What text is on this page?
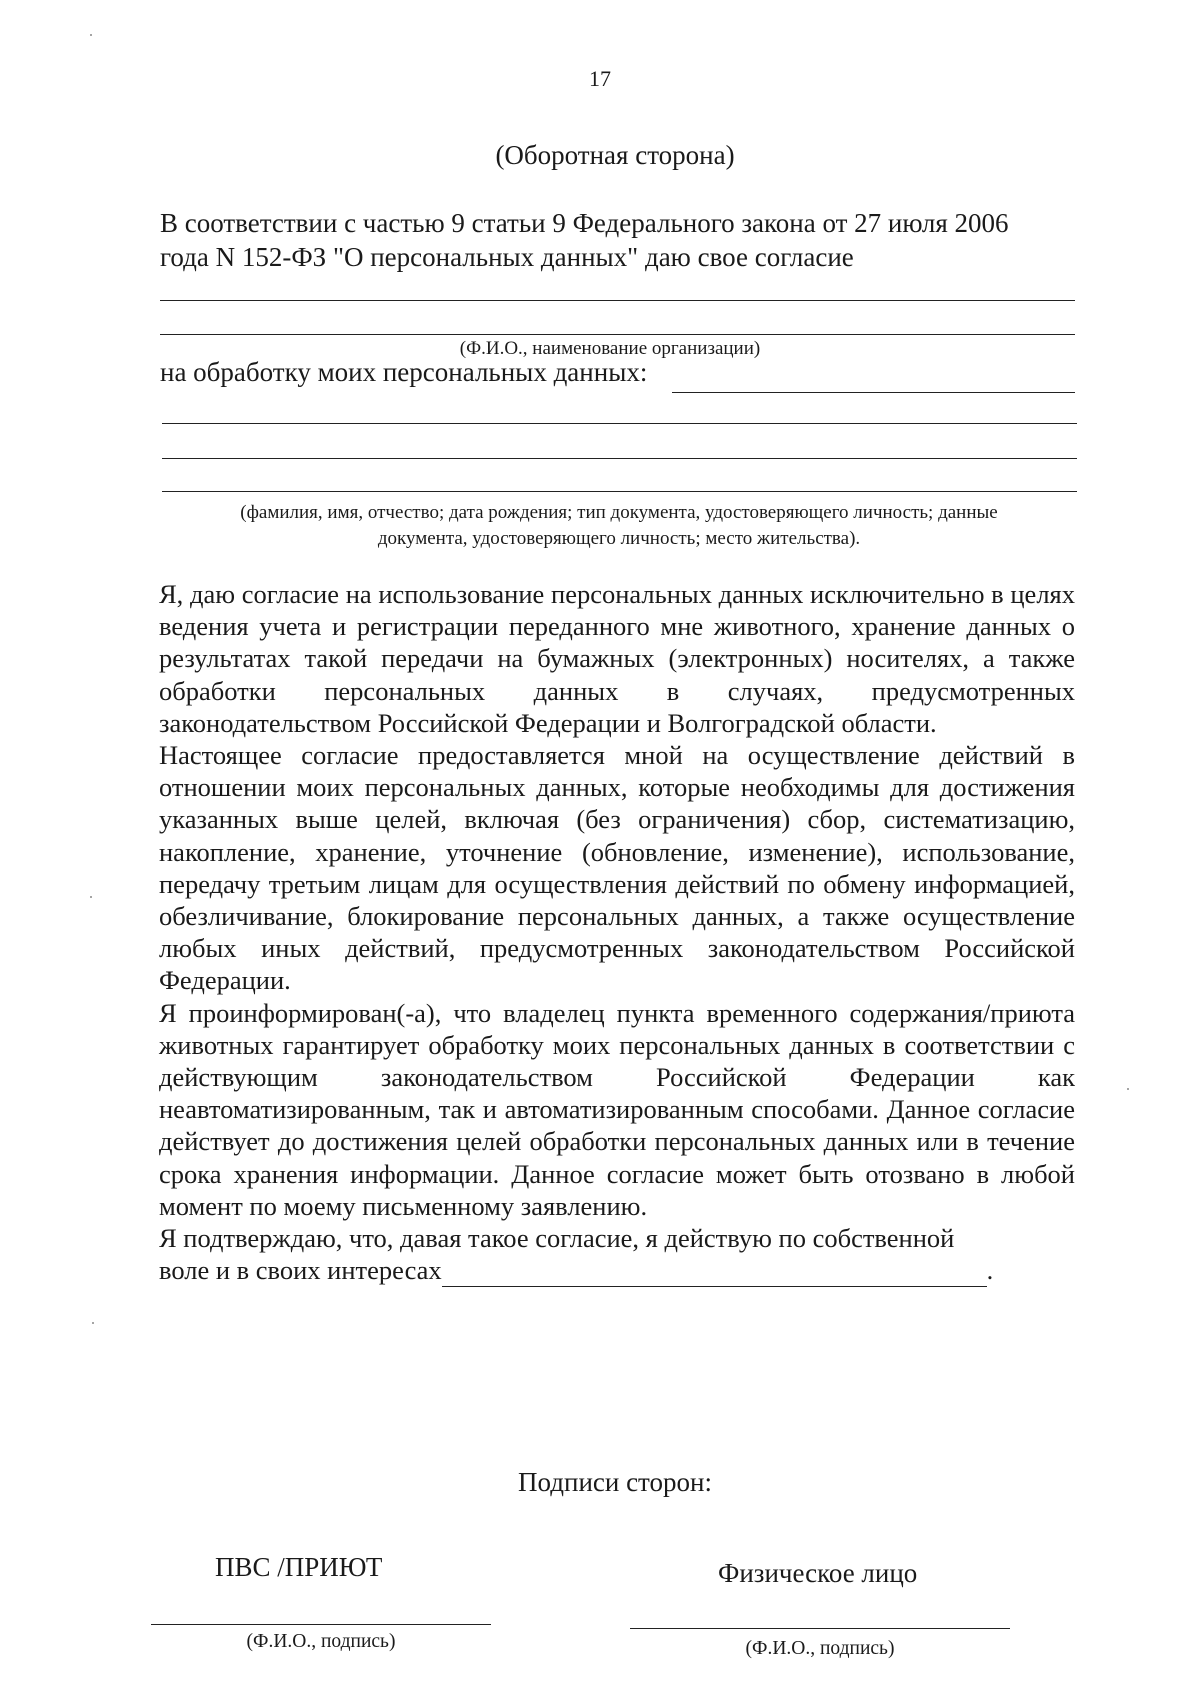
17
(Оборотная сторона)
В соответствии с частью 9 статьи 9 Федерального закона от 27 июля 2006
года N 152-ФЗ "О персональных данных" даю свое согласие
(Ф.И.О., наименование организации)
на обработку моих персональных данных:
(фамилия, имя, отчество; дата рождения; тип документа, удостоверяющего личность; данные
документа, удостоверяющего личность; место жительства).

Я, даю согласие на использование персональных данных исключительно в целях ведения учета и регистрации переданного мне животного, хранение данных о результатах такой передачи на бумажных (электронных) носителях, а также обработки персональных данных в случаях, предусмотренных законодательством Российской Федерации и Волгоградской области.

Настоящее согласие предоставляется мной на осуществление действий в отношении моих персональных данных, которые необходимы для достижения указанных выше целей, включая (без ограничения) сбор, систематизацию, накопление, хранение, уточнение (обновление, изменение), использование, передачу третьим лицам для осуществления действий по обмену информацией, обезличивание, блокирование персональных данных, а также осуществление любых иных действий, предусмотренных законодательством Российской Федерации.

Я проинформирован(-а), что владелец пункта временного содержания/приюта животных гарантирует обработку моих персональных данных в соответствии с действующим законодательством Российской Федерации как неавтоматизированным, так и автоматизированным способами. Данное согласие действует до достижения целей обработки персональных данных или в течение срока хранения информации. Данное согласие может быть отозвано в любой момент по моему письменному заявлению.

Я подтверждаю, что, давая такое согласие, я действую по собственной
воле и в своих интересах	.

Подписи сторон:
ПВС /ПРИЮТ	Физическое лицо
(Ф.И.О., подпись)	(Ф.И.О., подпись)
